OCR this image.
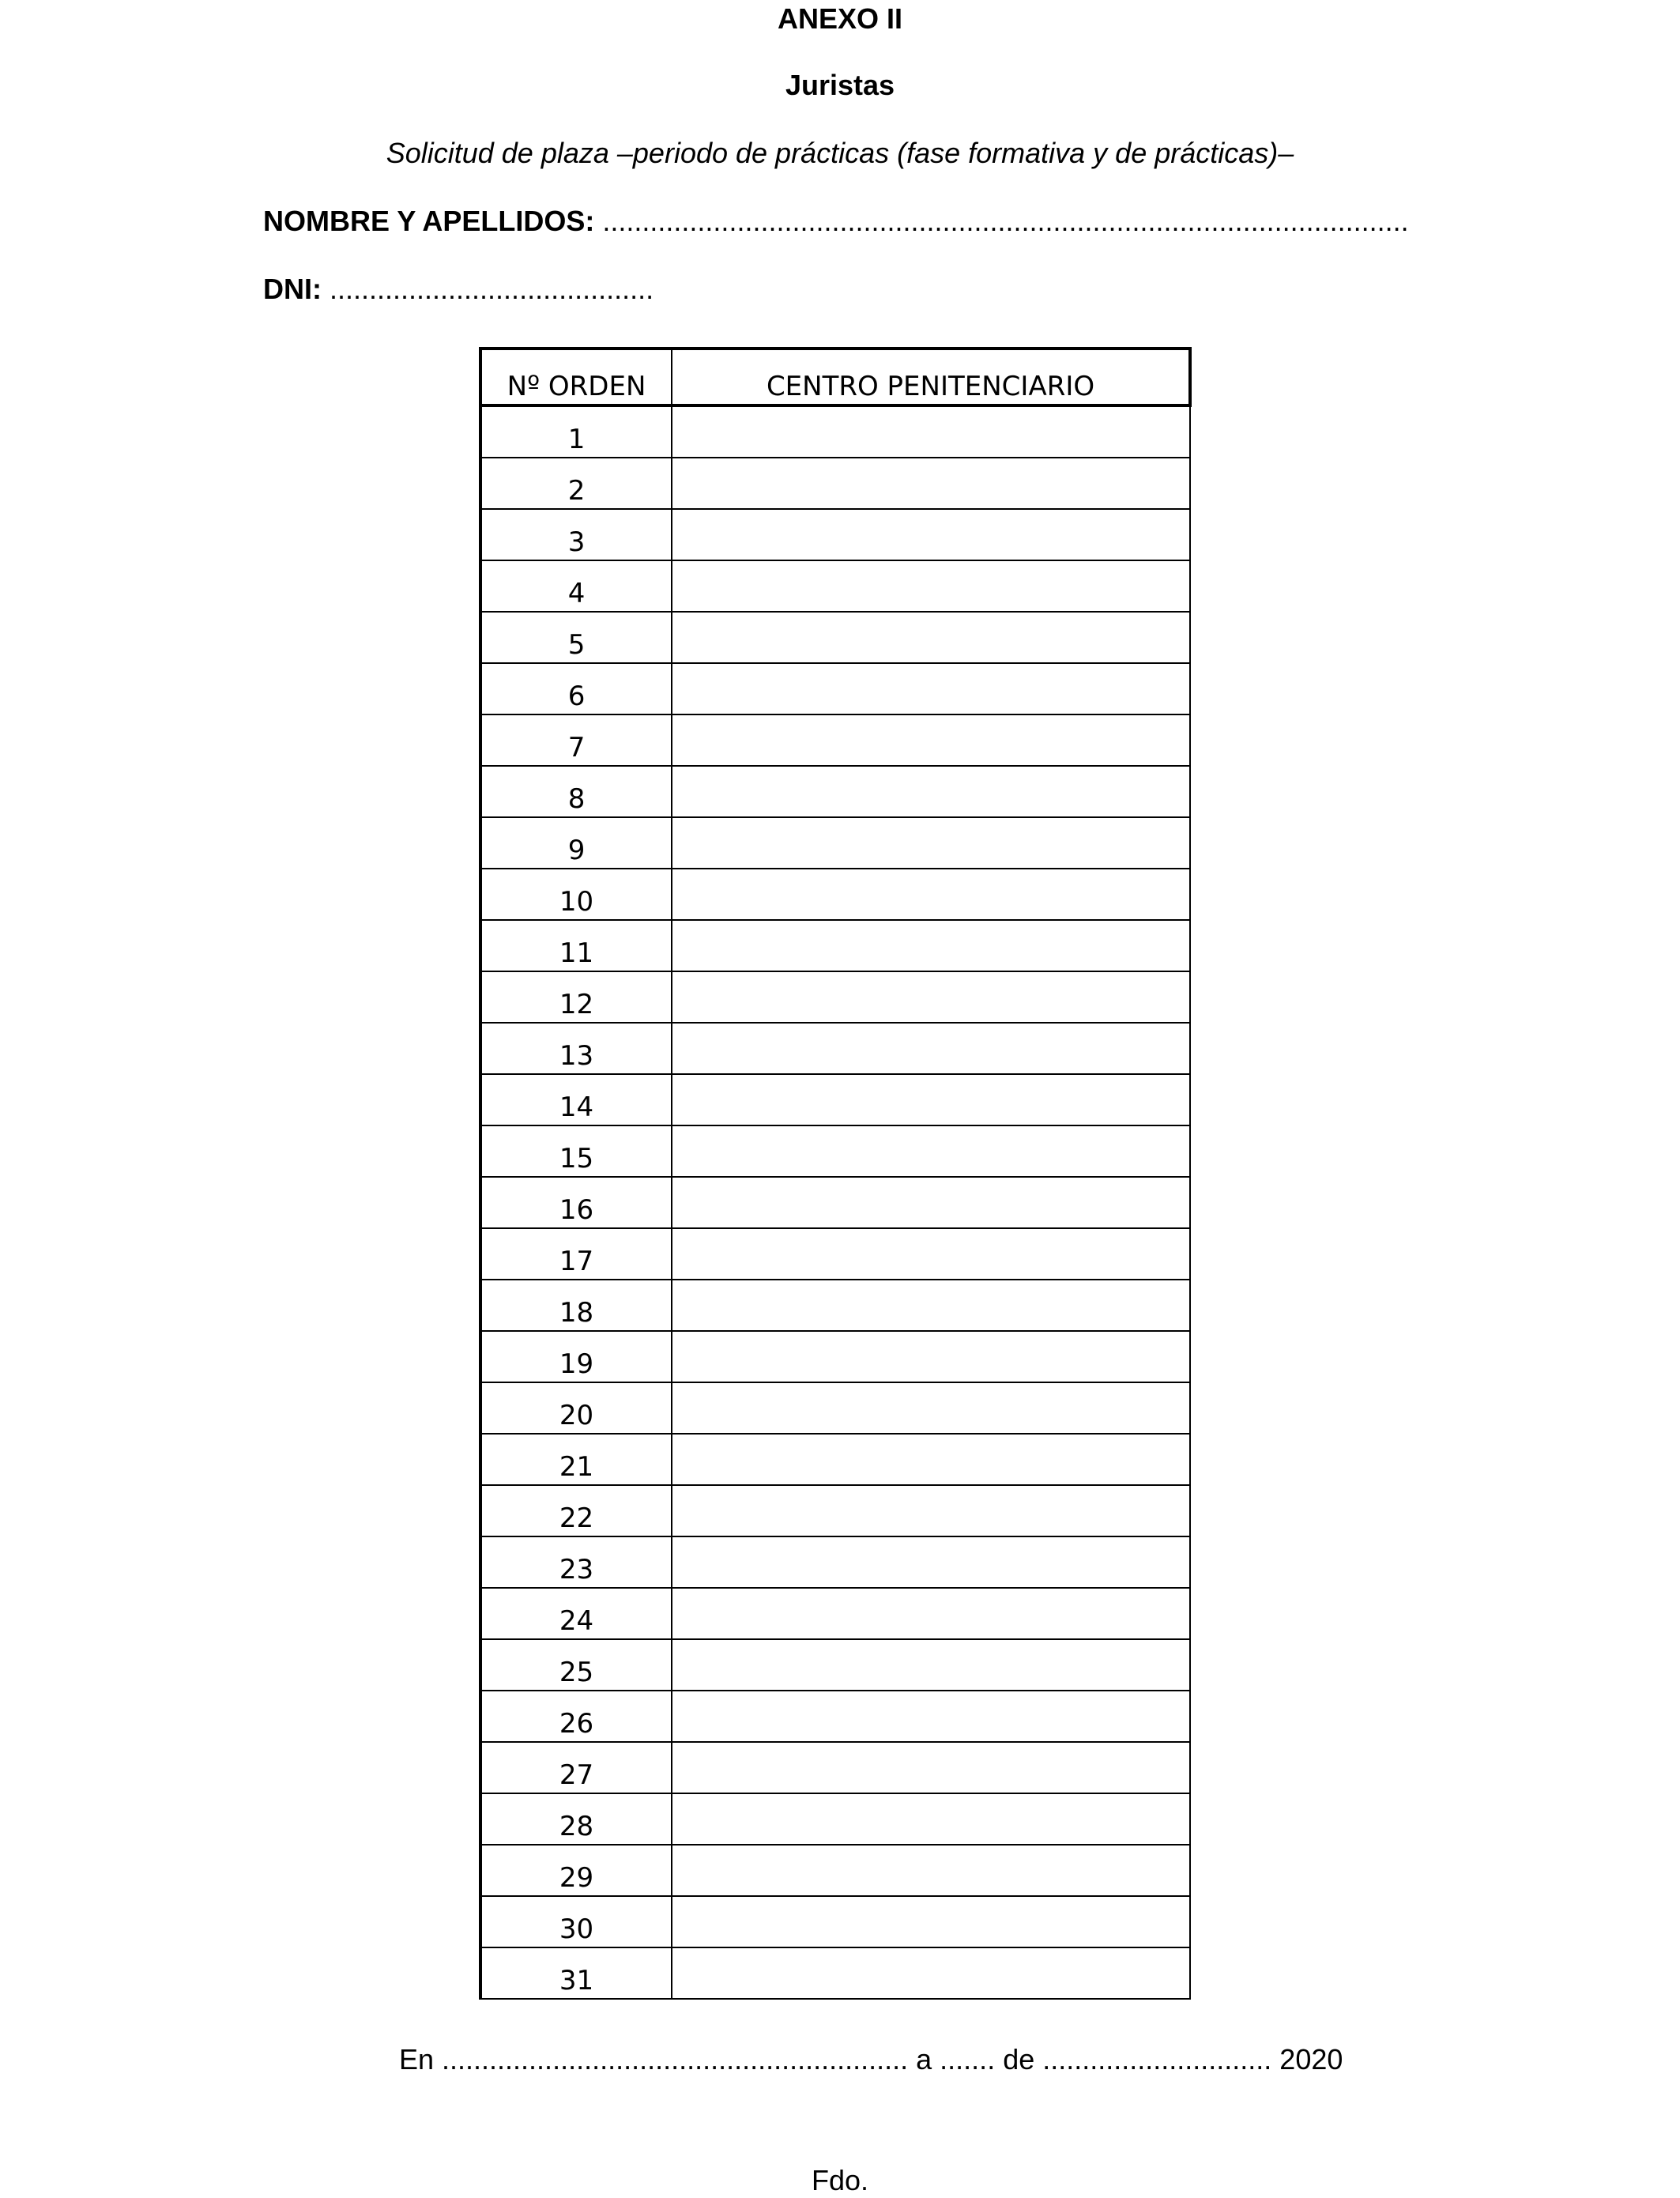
ANEXO II
Juristas
Solicitud de plaza –periodo de prácticas (fase formativa y de prácticas)–
NOMBRE Y APELLIDOS: ......................................................................................................
DNI: .........................................
Nº ORDEN	CENTRO PENITENCIARIO
1	
2	
3	
4	
5	
6	
7	
8	
9	
10	
11	
12	
13	
14	
15	
16	
17	
18	
19	
20	
21	
22	
23	
24	
25	
26	
27	
28	
29	
30	
31	
En ........................................................... a ....... de ............................. 2020
Fdo.
